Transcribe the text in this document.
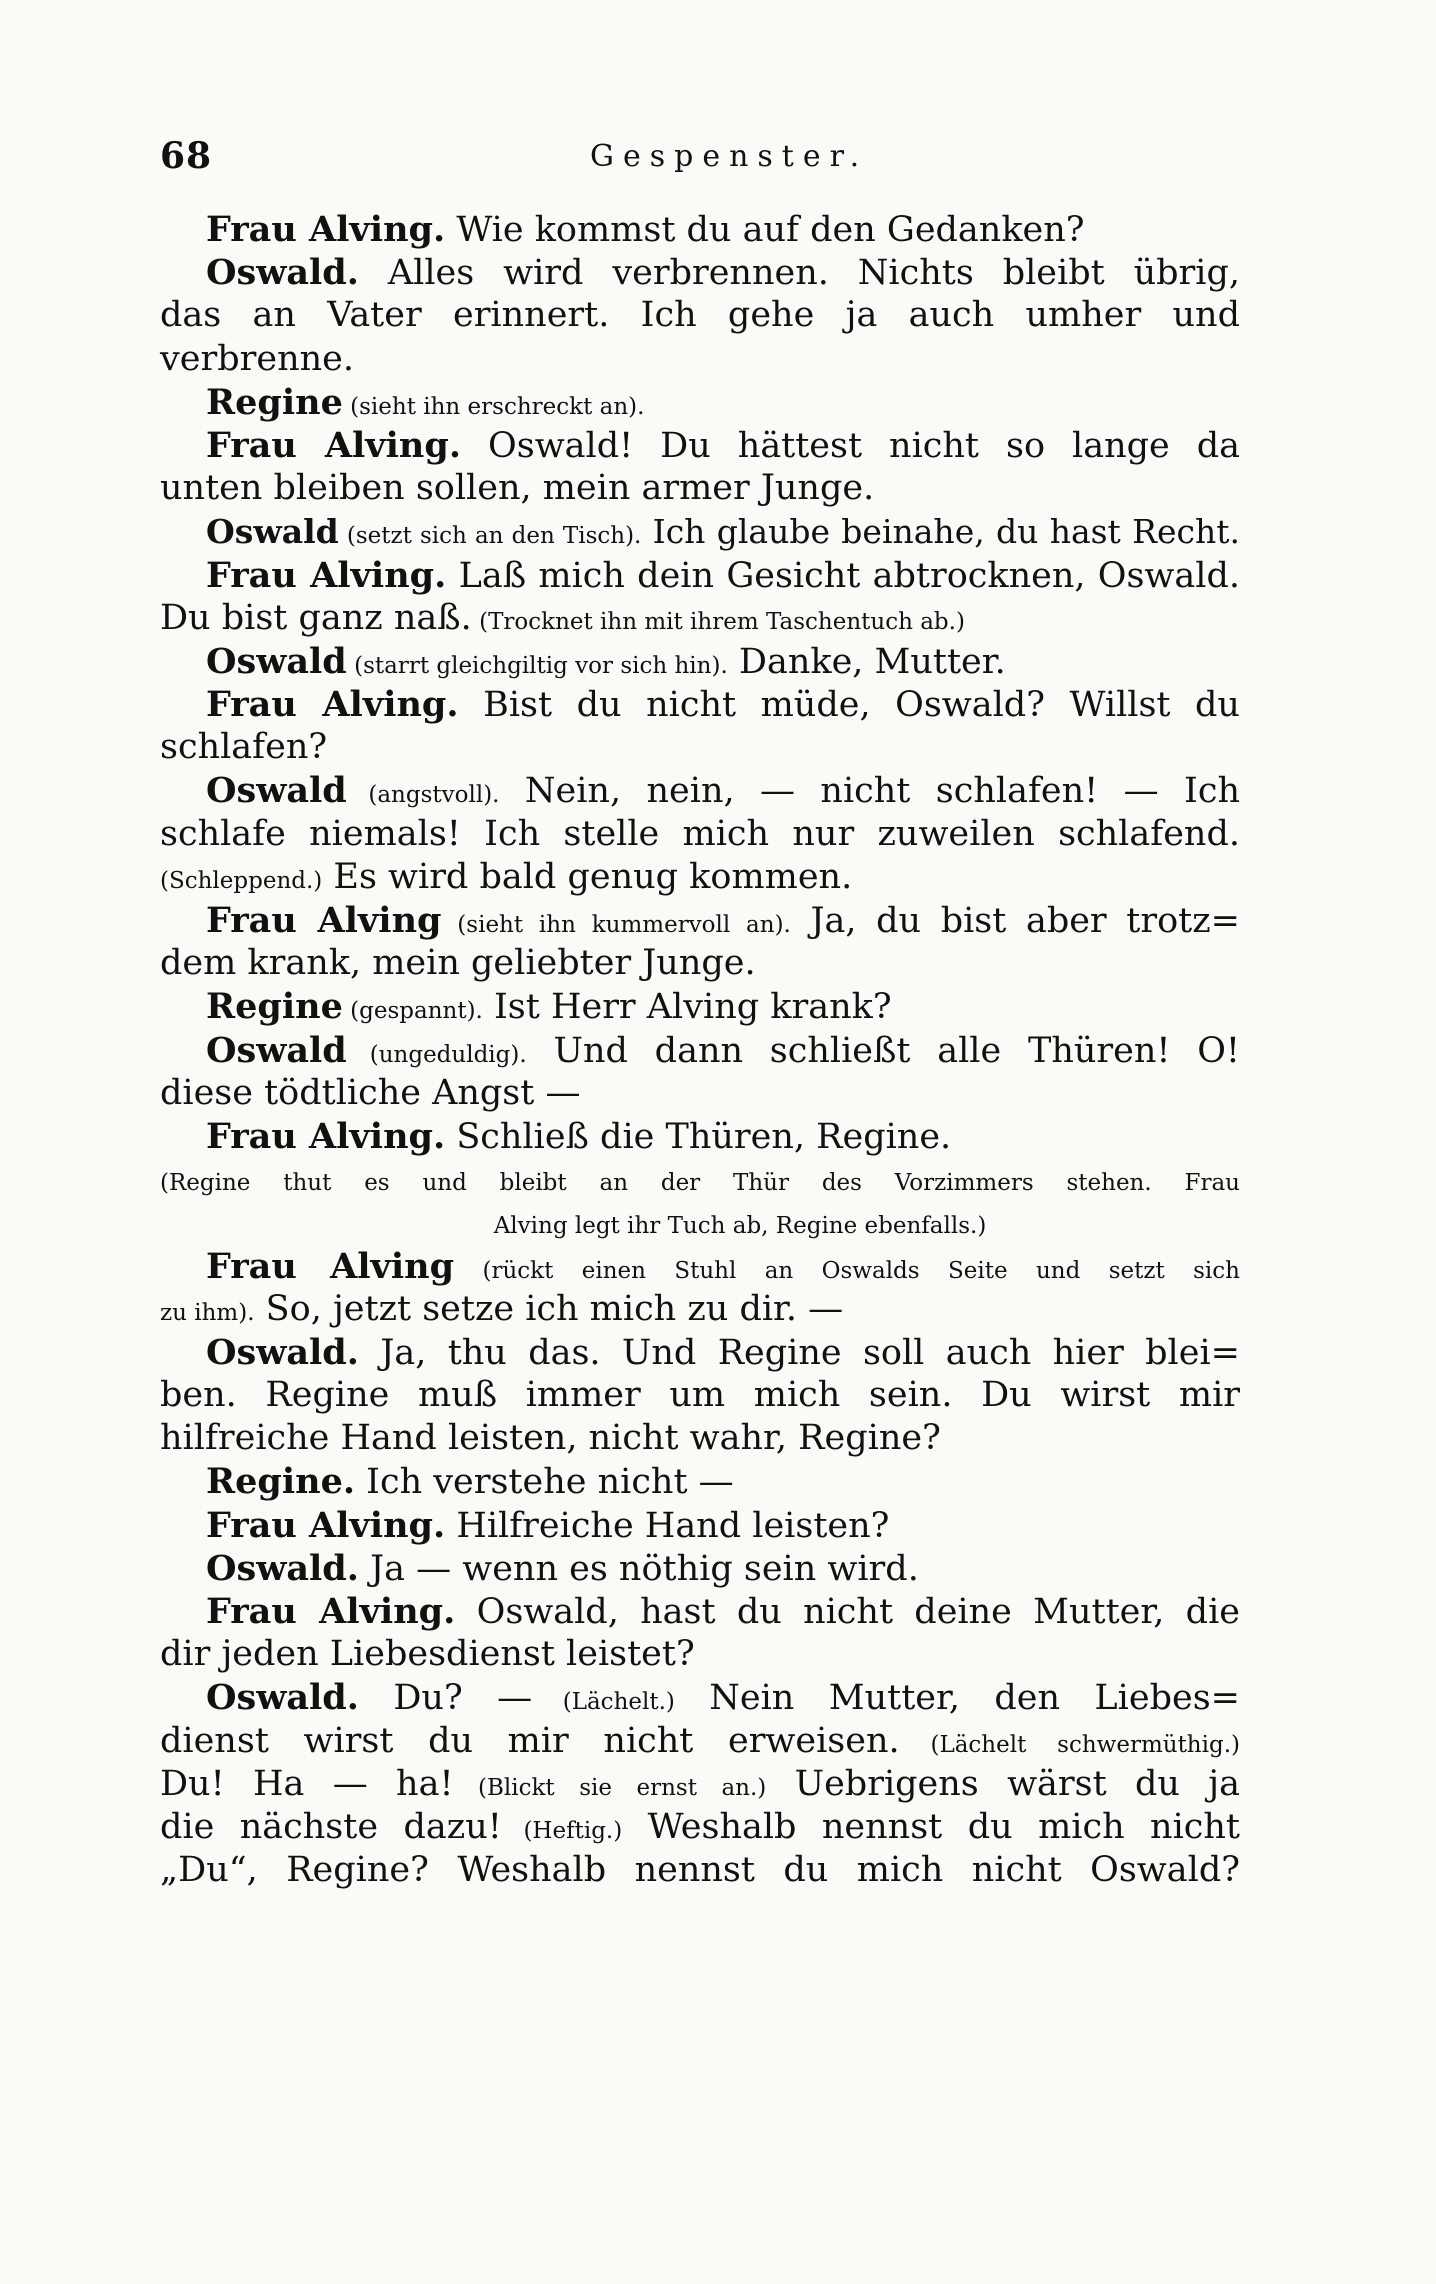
68	Gespenster.
Frau Alving. Wie kommst du auf den Gedanken?
Oswald. Alles wird verbrennen. Nichts bleibt übrig,
das an Vater erinnert. Ich gehe ja auch umher und
verbrenne.
Regine (sieht ihn erschreckt an).
Frau Alving. Oswald! Du hättest nicht so lange da
unten bleiben sollen, mein armer Junge.
Oswald (setzt sich an den Tisch). Ich glaube beinahe, du hast Recht.
Frau Alving. Laß mich dein Gesicht abtrocknen, Oswald.
Du bist ganz naß. (Trocknet ihn mit ihrem Taschentuch ab.)
Oswald (starrt gleichgiltig vor sich hin). Danke, Mutter.
Frau Alving. Bist du nicht müde, Oswald? Willst du
schlafen?
Oswald (angstvoll). Nein, nein, — nicht schlafen! — Ich
schlafe niemals! Ich stelle mich nur zuweilen schlafend.
(Schleppend.) Es wird bald genug kommen.
Frau Alving (sieht ihn kummervoll an). Ja, du bist aber trotz=
dem krank, mein geliebter Junge.
Regine (gespannt). Ist Herr Alving krank?
Oswald (ungeduldig). Und dann schließt alle Thüren! O!
diese tödtliche Angst —
Frau Alving. Schließ die Thüren, Regine.
(Regine thut es und bleibt an der Thür des Vorzimmers stehen. Frau
Alving legt ihr Tuch ab, Regine ebenfalls.)
Frau Alving (rückt einen Stuhl an Oswalds Seite und setzt sich
zu ihm). So, jetzt setze ich mich zu dir. —
Oswald. Ja, thu das. Und Regine soll auch hier blei=
ben. Regine muß immer um mich sein. Du wirst mir
hilfreiche Hand leisten, nicht wahr, Regine?
Regine. Ich verstehe nicht —
Frau Alving. Hilfreiche Hand leisten?
Oswald. Ja — wenn es nöthig sein wird.
Frau Alving. Oswald, hast du nicht deine Mutter, die
dir jeden Liebesdienst leistet?
Oswald. Du? — (Lächelt.) Nein Mutter, den Liebes=
dienst wirst du mir nicht erweisen. (Lächelt schwermüthig.)
Du! Ha — ha! (Blickt sie ernst an.) Uebrigens wärst du ja
die nächste dazu! (Heftig.) Weshalb nennst du mich nicht
„Du“, Regine? Weshalb nennst du mich nicht Oswald?
